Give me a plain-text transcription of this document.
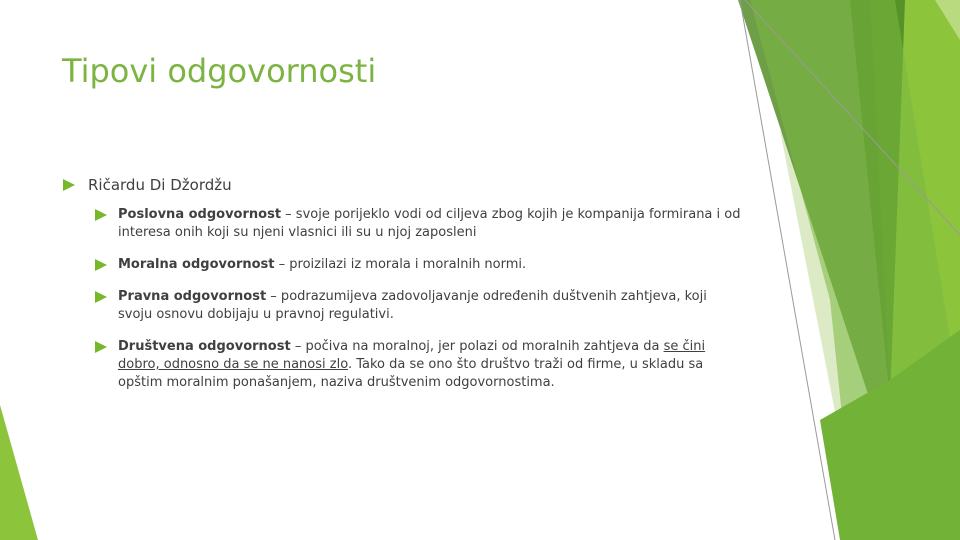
Tipovi odgovornosti
Ričardu Di Džordžu
Poslovna odgovornost – svoje porijeklo vodi od ciljeva zbog kojih je kompanija formirana i od interesa onih koji su njeni vlasnici ili su u njoj zaposleni
Moralna odgovornost – proizilazi iz morala i moralnih normi.
Pravna odgovornost – podrazumijeva zadovoljavanje određenih duštvenih zahtjeva, koji svoju osnovu dobijaju u pravnoj regulativi.
Društvena odgovornost – počiva na moralnoj, jer polazi od moralnih zahtjeva da se čini dobro, odnosno da se ne nanosi zlo. Tako da se ono što društvo traži od firme, u skladu sa opštim moralnim ponašanjem, naziva društvenim odgovornostima.
